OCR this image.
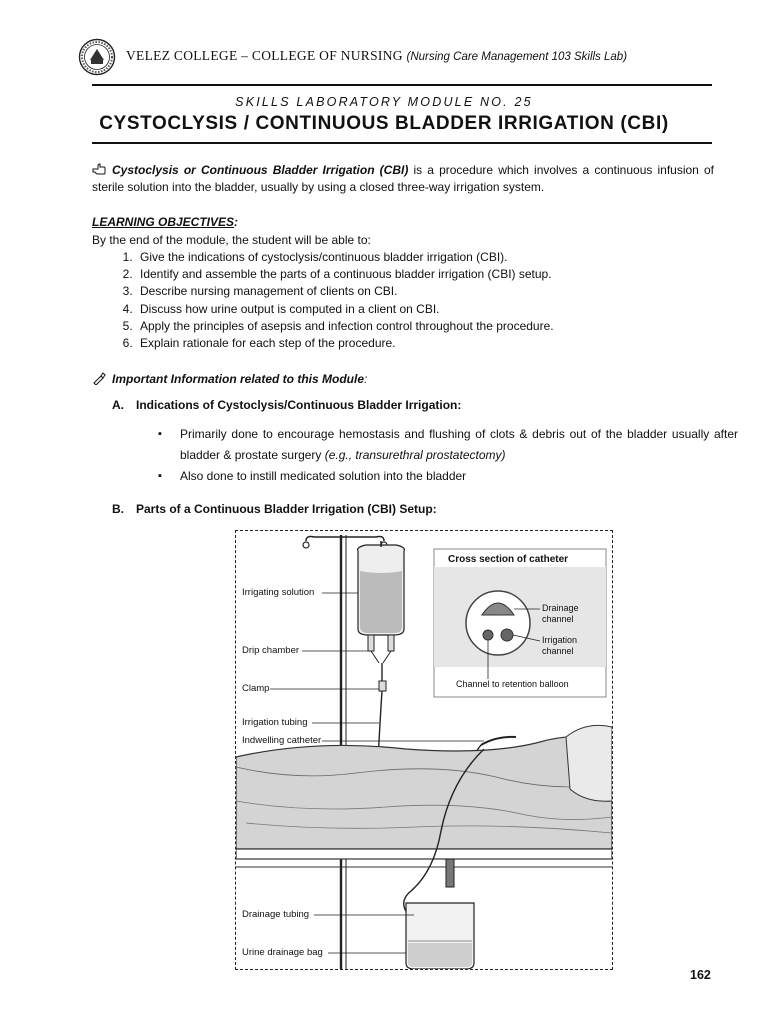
VELEZ COLLEGE – COLLEGE OF NURSING (Nursing Care Management 103 Skills Lab)
SKILLS LABORATORY MODULE NO. 25
CYSTOCLYSIS / CONTINUOUS BLADDER IRRIGATION (CBI)
Cystoclysis or Continuous Bladder Irrigation (CBI) is a procedure which involves a continuous infusion of sterile solution into the bladder, usually by using a closed three-way irrigation system.
LEARNING OBJECTIVES:
By the end of the module, the student will be able to:
1. Give the indications of cystoclysis/continuous bladder irrigation (CBI).
2. Identify and assemble the parts of a continuous bladder irrigation (CBI) setup.
3. Describe nursing management of clients on CBI.
4. Discuss how urine output is computed in a client on CBI.
5. Apply the principles of asepsis and infection control throughout the procedure.
6. Explain rationale for each step of the procedure.
Important Information related to this Module:
A. Indications of Cystoclysis/Continuous Bladder Irrigation:
▪ Primarily done to encourage hemostasis and flushing of clots & debris out of the bladder usually after bladder & prostate surgery (e.g., transurethral prostatectomy)
▪ Also done to instill medicated solution into the bladder
B. Parts of a Continuous Bladder Irrigation (CBI) Setup:
Cross section of catheter
Drainage
channel
Irrigation
channel
Channel to retention balloon
Irrigating solution
Drip chamber
Clamp
Irrigation tubing
Indwelling catheter
Drainage tubing
Urine drainage bag
162
